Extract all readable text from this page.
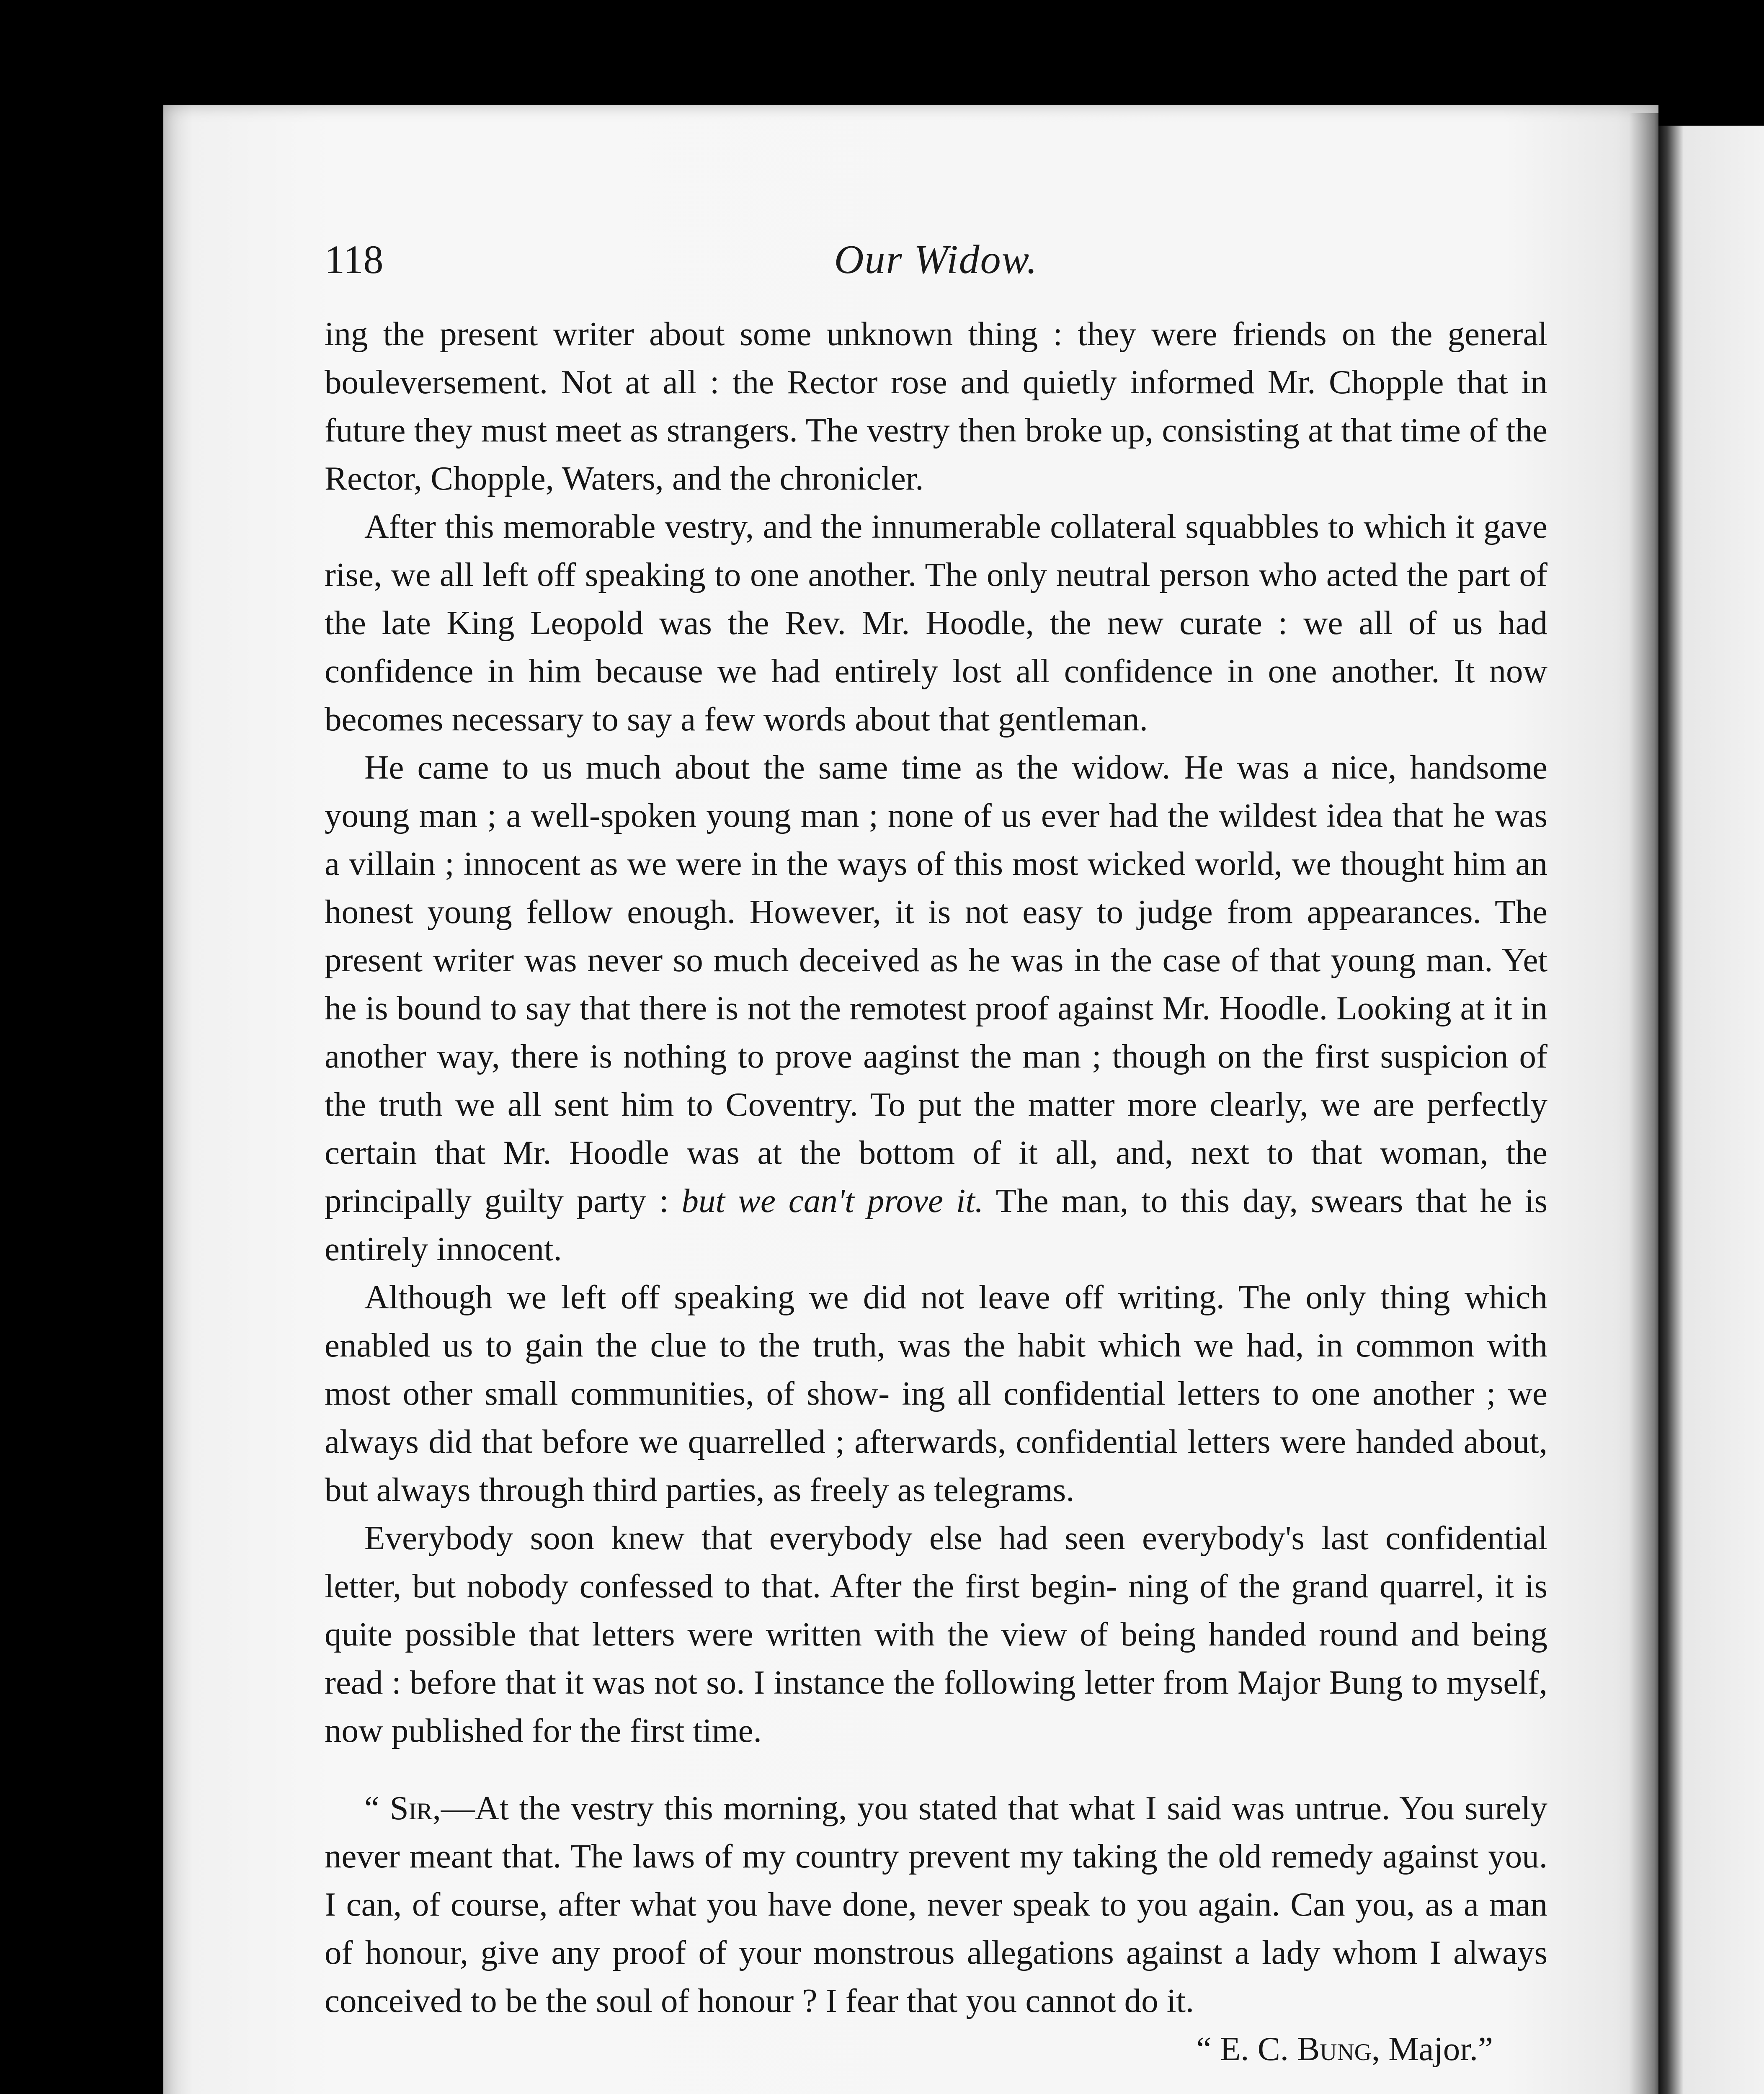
118	Our Widow.

ing the present writer about some unknown thing : they were friends on the general bouleversement. Not at all : the Rector rose and quietly informed Mr. Chopple that in future they must meet as strangers. The vestry then broke up, consisting at that time of the Rector, Chopple, Waters, and the chronicler.

After this memorable vestry, and the innumerable collateral squabbles to which it gave rise, we all left off speaking to one another. The only neutral person who acted the part of the late King Leopold was the Rev. Mr. Hoodle, the new curate : we all of us had confidence in him because we had entirely lost all confidence in one another. It now becomes necessary to say a few words about that gentleman.

He came to us much about the same time as the widow. He was a nice, handsome young man ; a well-spoken young man ; none of us ever had the wildest idea that he was a villain ; innocent as we were in the ways of this most wicked world, we thought him an honest young fellow enough. However, it is not easy to judge from appearances. The present writer was never so much deceived as he was in the case of that young man. Yet he is bound to say that there is not the remotest proof against Mr. Hoodle. Looking at it in another way, there is nothing to prove aaginst the man ; though on the first suspicion of the truth we all sent him to Coventry. To put the matter more clearly, we are perfectly certain that Mr. Hoodle was at the bottom of it all, and, next to that woman, the principally guilty party : but we can't prove it. The man, to this day, swears that he is entirely innocent.

Although we left off speaking we did not leave off writing. The only thing which enabled us to gain the clue to the truth, was the habit which we had, in common with most other small communities, of show- ing all confidential letters to one another ; we always did that before we quarrelled ; afterwards, confidential letters were handed about, but always through third parties, as freely as telegrams.

Everybody soon knew that everybody else had seen everybody's last confidential letter, but nobody confessed to that. After the first begin- ning of the grand quarrel, it is quite possible that letters were written with the view of being handed round and being read : before that it was not so. I instance the following letter from Major Bung to myself, now published for the first time.

“ Sir,—At the vestry this morning, you stated that what I said was untrue. You surely never meant that. The laws of my country prevent my taking the old remedy against you. I can, of course, after what you have done, never speak to you again. Can you, as a man of honour, give any proof of your monstrous allegations against a lady whom I always conceived to be the soul of honour ? I fear that you cannot do it.

“ E. C. Bung, Major.”
